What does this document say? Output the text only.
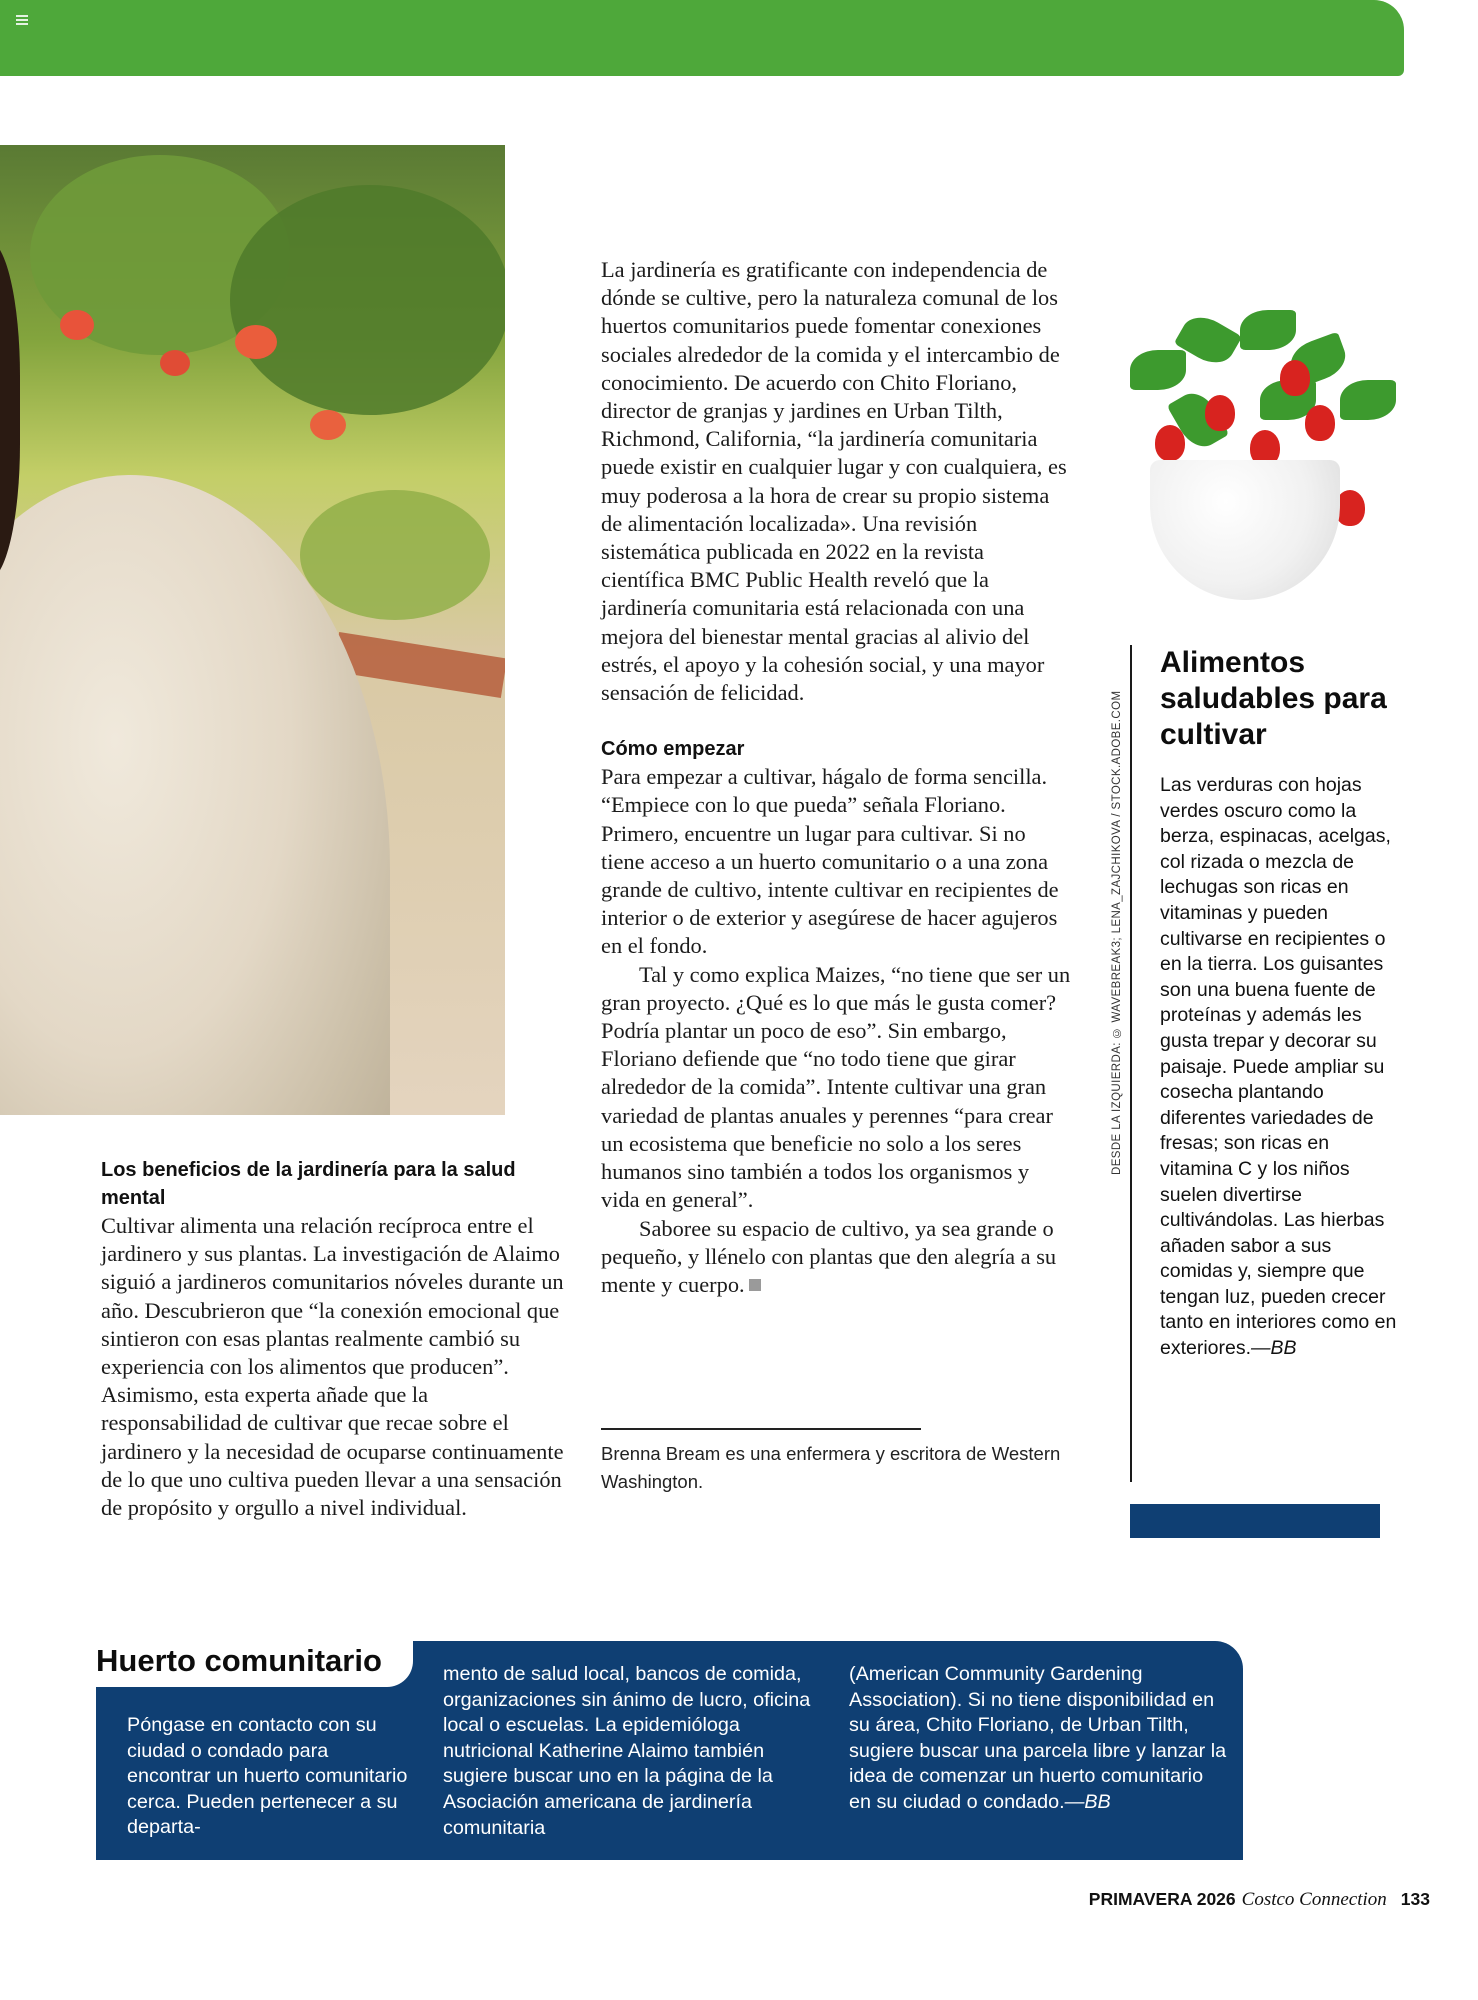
Los beneficios de la jardinería para la salud mental

Cultivar alimenta una relación recíproca entre el jardinero y sus plantas. La investigación de Alaimo siguió a jardineros comunitarios nóveles durante un año. Descubrieron que “la conexión emocional que sintieron con esas plantas realmente cambió su experiencia con los alimentos que producen”. Asimismo, esta experta añade que la responsabilidad de cultivar que recae sobre el jardinero y la necesidad de ocuparse continuamente de lo que uno cultiva pueden llevar a una sensación de propósito y orgullo a nivel individual.

La jardinería es gratificante con independencia de dónde se cultive, pero la naturaleza comunal de los huertos comunitarios puede fomentar conexiones sociales alrededor de la comida y el intercambio de conocimiento. De acuerdo con Chito Floriano, director de granjas y jardines en Urban Tilth, Richmond, California, “la jardinería comunitaria puede existir en cualquier lugar y con cualquiera, es muy poderosa a la hora de crear su propio sistema de alimentación localizada». Una revisión sistemática publicada en 2022 en la revista científica BMC Public Health reveló que la jardinería comunitaria está relacionada con una mejora del bienestar mental gracias al alivio del estrés, el apoyo y la cohesión social, y una mayor sensación de felicidad.

Cómo empezar

Para empezar a cultivar, hágalo de forma sencilla. “Empiece con lo que pueda” señala Floriano. Primero, encuentre un lugar para cultivar. Si no tiene acceso a un huerto comunitario o a una zona grande de cultivo, intente cultivar en recipientes de interior o de exterior y asegúrese de hacer agujeros en el fondo.

Tal y como explica Maizes, “no tiene que ser un gran proyecto. ¿Qué es lo que más le gusta comer? Podría plantar un poco de eso”. Sin embargo, Floriano defiende que “no todo tiene que girar alrededor de la comida”. Intente cultivar una gran variedad de plantas anuales y perennes “para crear un ecosistema que beneficie no solo a los seres humanos sino también a todos los organismos y vida en general”.

Saboree su espacio de cultivo, ya sea grande o pequeño, y llénelo con plantas que den alegría a su mente y cuerpo.

Brenna Bream es una enfermera y escritora de Western Washington.
DESDE LA IZQUIERDA: © WAVEBREAK3; LENA_ZAJCHIKOVA / STOCK.ADOBE.COM
Alimentos saludables para cultivar
Las verduras con hojas verdes oscuro como la berza, espinacas, acelgas, col rizada o mezcla de lechugas son ricas en vitaminas y pueden cultivarse en recipientes o en la tierra. Los guisantes son una buena fuente de proteínas y además les gusta trepar y decorar su paisaje. Puede ampliar su cosecha plantando diferentes variedades de fresas; son ricas en vitamina C y los niños suelen divertirse cultivándolas. Las hierbas añaden sabor a sus comidas y, siempre que tengan luz, pueden crecer tanto en interiores como en exteriores.—BB
Huerto comunitario
Póngase en contacto con su ciudad o condado para encontrar un huerto comunitario cerca. Pueden pertenecer a su departa-
mento de salud local, bancos de comida, organizaciones sin ánimo de lucro, oficina local o escuelas. La epidemióloga nutricional Katherine Alaimo también sugiere buscar uno en la página de la Asociación americana de jardinería comunitaria
(American Community Gardening Association). Si no tiene disponibilidad en su área, Chito Floriano, de Urban Tilth, sugiere buscar una parcela libre y lanzar la idea de comenzar un huerto comunitario en su ciudad o condado.—BB
PRIMAVERA 2026 Costco Connection 133
